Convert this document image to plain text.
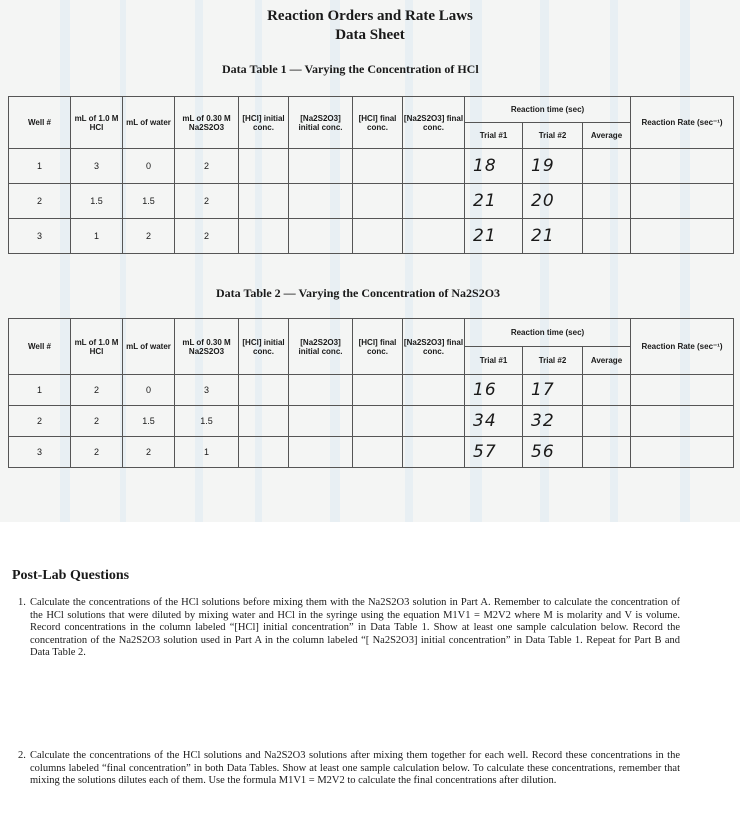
Reaction Orders and Rate Laws
Data Sheet
Data Table 1 — Varying the Concentration of HCl
Well #	mL of 1.0 M HCl	mL of water	mL of 0.30 M Na2S2O3	[HCl] initial conc.	[Na2S2O3] initial conc.	[HCl] final conc.	[Na2S2O3] final conc.	Reaction time (sec)			Reaction Rate (sec⁻¹)
								Trial #1	Trial #2	Average	
1	3	0	2					18	19		
2	1.5	1.5	2					21	20		
3	1	2	2					21	21		
Data Table 2 — Varying the Concentration of Na2S2O3
Well #	mL of 1.0 M HCl	mL of water	mL of 0.30 M Na2S2O3	[HCl] initial conc.	[Na2S2O3] initial conc.	[HCl] final conc.	[Na2S2O3] final conc.	Reaction time (sec)			Reaction Rate (sec⁻¹)
								Trial #1	Trial #2	Average	
1	2	0	3					16	17		
2	2	1.5	1.5					34	32		
3	2	2	1					57	56		
Post-Lab Questions
1. Calculate the concentrations of the HCl solutions before mixing them with the Na2S2O3 solution in Part A. Remember to calculate the concentration of the HCl solutions that were diluted by mixing water and HCl in the syringe using the equation M1V1 = M2V2 where M is molarity and V is volume. Record concentrations in the column labeled “[HCl] initial concentration” in Data Table 1. Show at least one sample calculation below. Record the concentration of the Na2S2O3 solution used in Part A in the column labeled “[ Na2S2O3] initial concentration” in Data Table 1. Repeat for Part B and Data Table 2.
2. Calculate the concentrations of the HCl solutions and Na2S2O3 solutions after mixing them together for each well. Record these concentrations in the columns labeled “final concentration” in both Data Tables. Show at least one sample calculation below. To calculate these concentrations, remember that mixing the solutions dilutes each of them. Use the formula M1V1 = M2V2 to calculate the final concentrations after dilution.
